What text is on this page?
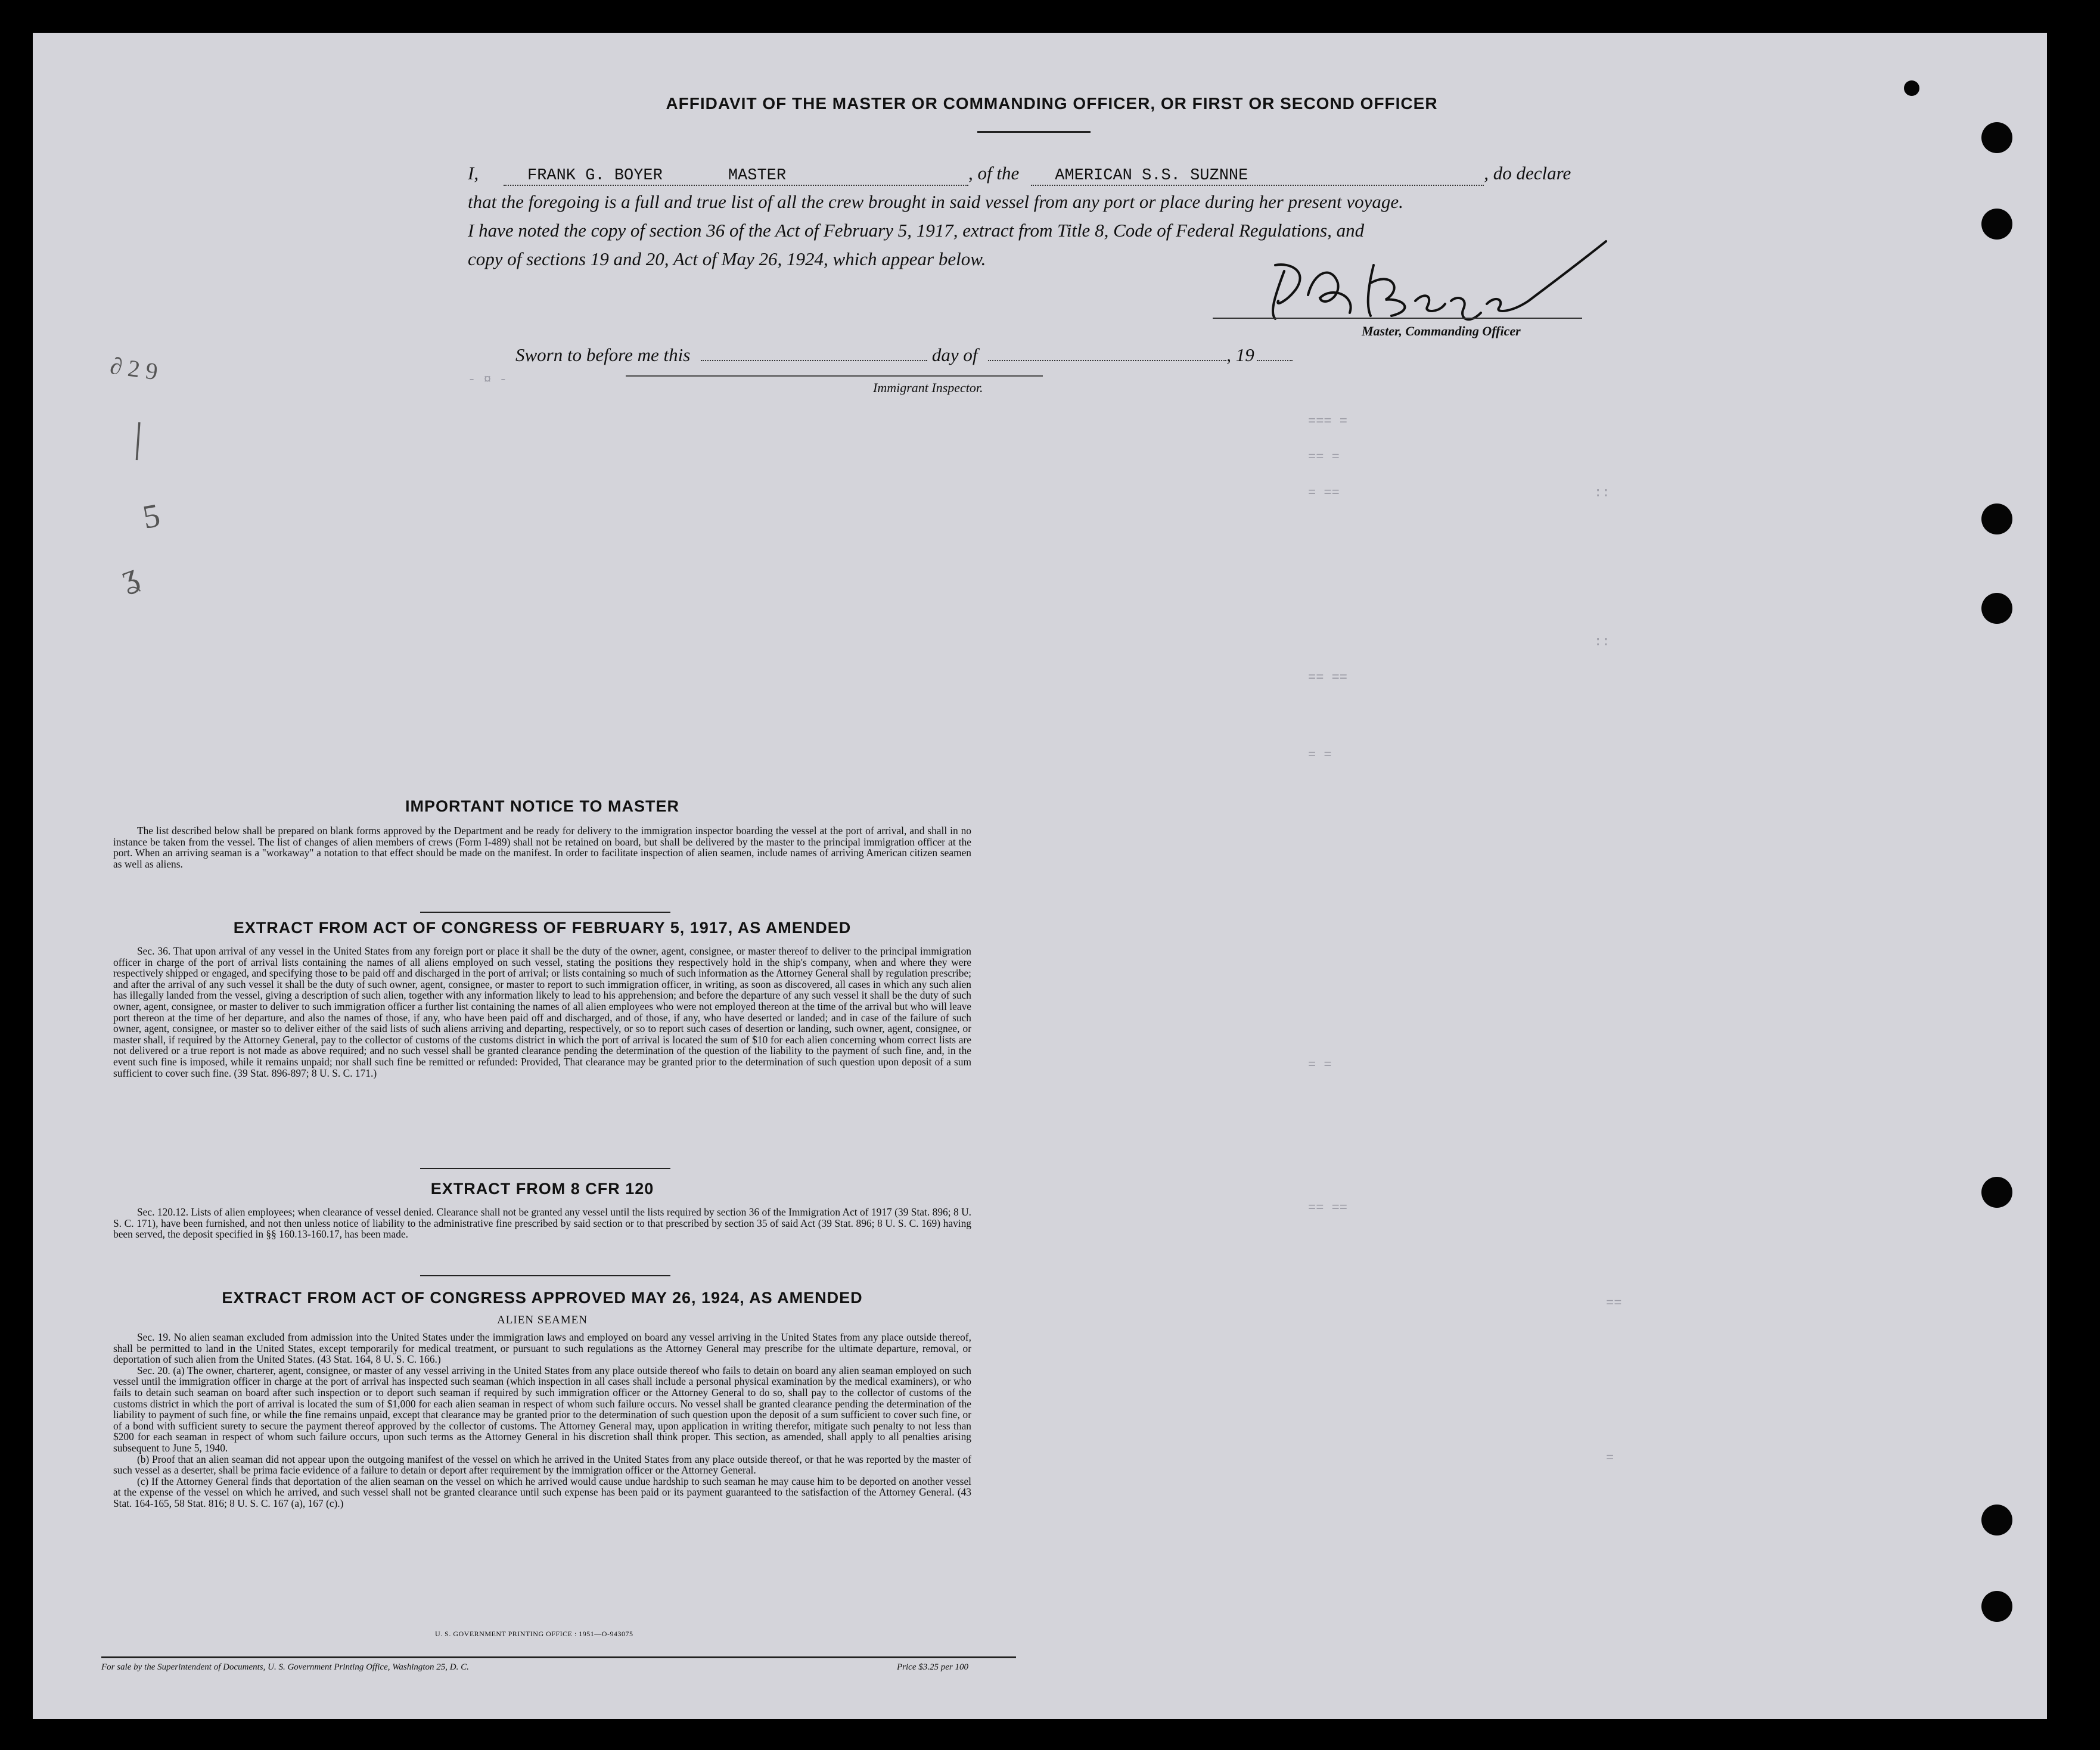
AFFIDAVIT OF THE MASTER OR COMMANDING OFFICER, OR FIRST OR SECOND OFFICER
I,	FRANK G. BOYER	MASTER	, of the AMERICAN S.S. SUZNNE	, do declare
that the foregoing is a full and true list of all the crew brought in said vessel from any port or place during her present voyage.
I have noted the copy of section 36 of the Act of February 5, 1917, extract from Title 8, Code of Federal Regulations, and
copy of sections 19 and 20, Act of May 26, 1924, which appear below.
Master, Commanding Officer
Sworn to before me this	day of	, 19
Immigrant Inspector.
- ¤ -
=== =
== =
= ==	::
::
== ==
= =
= =
== ==
==
=
∂ 2 9
|
5
ʓ
IMPORTANT NOTICE TO MASTER

The list described below shall be prepared on blank forms approved by the Department and be ready for delivery to the immigration inspector boarding the vessel at the port of arrival, and shall in no instance be taken from the vessel. The list of changes of alien members of crews (Form I-489) shall not be retained on board, but shall be delivered by the master to the principal immigration officer at the port. When an arriving seaman is a "workaway" a notation to that effect should be made on the manifest. In order to facilitate inspection of alien seamen, include names of arriving American citizen seamen as well as aliens.

EXTRACT FROM ACT OF CONGRESS OF FEBRUARY 5, 1917, AS AMENDED

Sec. 36. That upon arrival of any vessel in the United States from any foreign port or place it shall be the duty of the owner, agent, consignee, or master thereof to deliver to the principal immigration officer in charge of the port of arrival lists containing the names of all aliens employed on such vessel, stating the positions they respectively hold in the ship's company, when and where they were respectively shipped or engaged, and specifying those to be paid off and discharged in the port of arrival; or lists containing so much of such information as the Attorney General shall by regulation prescribe; and after the arrival of any such vessel it shall be the duty of such owner, agent, consignee, or master to report to such immigration officer, in writing, as soon as discovered, all cases in which any such alien has illegally landed from the vessel, giving a description of such alien, together with any information likely to lead to his apprehension; and before the departure of any such vessel it shall be the duty of such owner, agent, consignee, or master to deliver to such immigration officer a further list containing the names of all alien employees who were not employed thereon at the time of the arrival but who will leave port thereon at the time of her departure, and also the names of those, if any, who have been paid off and discharged, and of those, if any, who have deserted or landed; and in case of the failure of such owner, agent, consignee, or master so to deliver either of the said lists of such aliens arriving and departing, respectively, or so to report such cases of desertion or landing, such owner, agent, consignee, or master shall, if required by the Attorney General, pay to the collector of customs of the customs district in which the port of arrival is located the sum of $10 for each alien concerning whom correct lists are not delivered or a true report is not made as above required; and no such vessel shall be granted clearance pending the determination of the question of the liability to the payment of such fine, and, in the event such fine is imposed, while it remains unpaid; nor shall such fine be remitted or refunded: Provided, That clearance may be granted prior to the determination of such question upon deposit of a sum sufficient to cover such fine. (39 Stat. 896-897; 8 U. S. C. 171.)

EXTRACT FROM 8 CFR 120

Sec. 120.12. Lists of alien employees; when clearance of vessel denied. Clearance shall not be granted any vessel until the lists required by section 36 of the Immigration Act of 1917 (39 Stat. 896; 8 U. S. C. 171), have been furnished, and not then unless notice of liability to the administrative fine prescribed by said section or to that prescribed by section 35 of said Act (39 Stat. 896; 8 U. S. C. 169) having been served, the deposit specified in §§ 160.13-160.17, has been made.

EXTRACT FROM ACT OF CONGRESS APPROVED MAY 26, 1924, AS AMENDED
ALIEN SEAMEN

Sec. 19. No alien seaman excluded from admission into the United States under the immigration laws and employed on board any vessel arriving in the United States from any place outside thereof, shall be permitted to land in the United States, except temporarily for medical treatment, or pursuant to such regulations as the Attorney General may prescribe for the ultimate departure, removal, or deportation of such alien from the United States. (43 Stat. 164, 8 U. S. C. 166.)

Sec. 20. (a) The owner, charterer, agent, consignee, or master of any vessel arriving in the United States from any place outside thereof who fails to detain on board any alien seaman employed on such vessel until the immigration officer in charge at the port of arrival has inspected such seaman (which inspection in all cases shall include a personal physical examination by the medical examiners), or who fails to detain such seaman on board after such inspection or to deport such seaman if required by such immigration officer or the Attorney General to do so, shall pay to the collector of customs of the customs district in which the port of arrival is located the sum of $1,000 for each alien seaman in respect of whom such failure occurs. No vessel shall be granted clearance pending the determination of the liability to payment of such fine, or while the fine remains unpaid, except that clearance may be granted prior to the determination of such question upon the deposit of a sum sufficient to cover such fine, or of a bond with sufficient surety to secure the payment thereof approved by the collector of customs. The Attorney General may, upon application in writing therefor, mitigate such penalty to not less than $200 for each seaman in respect of whom such failure occurs, upon such terms as the Attorney General in his discretion shall think proper. This section, as amended, shall apply to all penalties arising subsequent to June 5, 1940.

(b) Proof that an alien seaman did not appear upon the outgoing manifest of the vessel on which he arrived in the United States from any place outside thereof, or that he was reported by the master of such vessel as a deserter, shall be prima facie evidence of a failure to detain or deport after requirement by the immigration officer or the Attorney General.

(c) If the Attorney General finds that deportation of the alien seaman on the vessel on which he arrived would cause undue hardship to such seaman he may cause him to be deported on another vessel at the expense of the vessel on which he arrived, and such vessel shall not be granted clearance until such expense has been paid or its payment guaranteed to the satisfaction of the Attorney General. (43 Stat. 164-165, 58 Stat. 816; 8 U. S. C. 167 (a), 167 (c).)

U. S. GOVERNMENT PRINTING OFFICE : 1951—O-943075
For sale by the Superintendent of Documents, U. S. Government Printing Office, Washington 25, D. C.	Price $3.25 per 100
